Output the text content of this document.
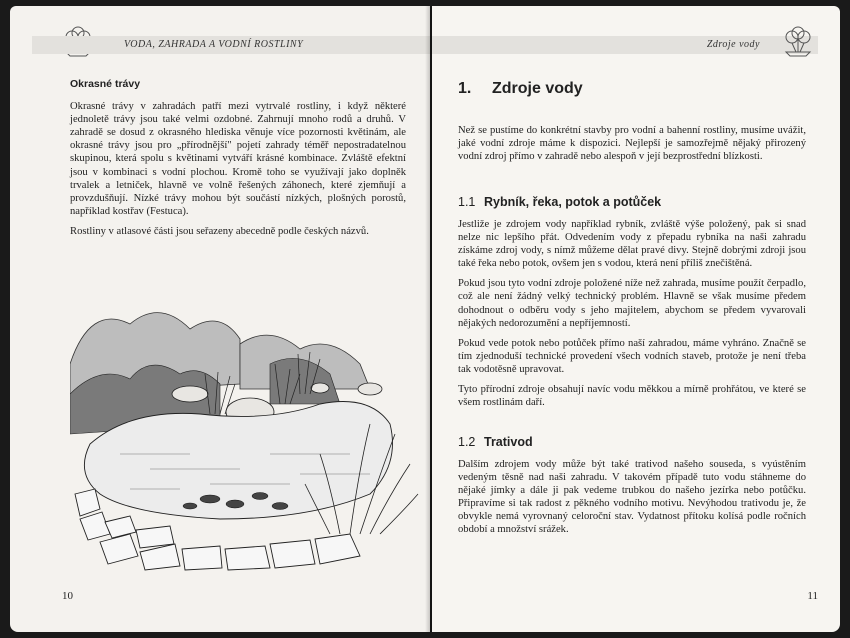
VODA, ZAHRADA A VODNÍ ROSTLINY

Okrasné trávy

Okrasné trávy v zahradách patří mezi vytrvalé rostliny, i když některé jednoletě trávy jsou také velmi ozdobné. Zahrnují mnoho rodů a druhů. V zahradě se dosud z okrasného hlediska věnuje více pozornosti květinám, ale okrasné trávy jsou pro „přírodnější" pojetí zahrady téměř nepostradatelnou skupinou, která spolu s květinami vytváří krásné kombinace. Zvláště efektní jsou v kombinaci s vodní plochou. Kromě toho se využívají jako doplněk trvalek a letniček, hlavně ve volně řešených záhonech, které zjemňují a provzdušňují. Nízké trávy mohou být součástí nízkých, plošných porostů, například kostřav (Festuca).

Rostliny v atlasové části jsou seřazeny abecedně podle českých názvů.

10
Zdroje vody
1. Zdroje vody

Než se pustíme do konkrétní stavby pro vodní a bahenní rostliny, musíme uvážit, jaké vodní zdroje máme k dispozici. Nejlepší je samozřejmě nějaký přirozený vodní zdroj přímo v zahradě nebo alespoň v její bezprostřední blízkosti.

1.1 Rybník, řeka, potok a potůček

Jestliže je zdrojem vody například rybník, zvláště výše položený, pak si snad nelze nic lepšího přát. Odvedením vody z přepadu rybníka na naši zahradu získáme zdroj vody, s nímž můžeme dělat pravé divy. Stejně dobrými zdroji jsou také řeka nebo potok, ovšem jen s vodou, která není příliš znečištěná.

Pokud jsou tyto vodní zdroje položené níže než zahrada, musíme použít čerpadlo, což ale není žádný velký technický problém. Hlavně se však musíme předem dohodnout o odběru vody s jeho majitelem, abychom se předem vyvarovali nějakých nedorozumění a nepříjemností.

Pokud vede potok nebo potůček přímo naší zahradou, máme vyhráno. Značně se tím zjednoduší technické provedení všech vodních staveb, protože je není třeba tak vodotěsně upravovat.

Tyto přírodní zdroje obsahují navíc vodu měkkou a mírně prohřátou, ve které se všem rostlinám daří.

1.2 Trativod

Dalším zdrojem vody může být také trativod našeho souseda, s vyústěním vedeným těsně nad naši zahradu. V takovém případě tuto vodu stáhneme do nějaké jímky a dále ji pak vedeme trubkou do našeho jezírka nebo potůčku. Připravíme si tak radost z pěkného vodního motivu. Nevýhodou trativodu je, že obvykle nemá vyrovnaný celoroční stav. Vydatnost přítoku kolísá podle ročních období a množství srážek.

11
